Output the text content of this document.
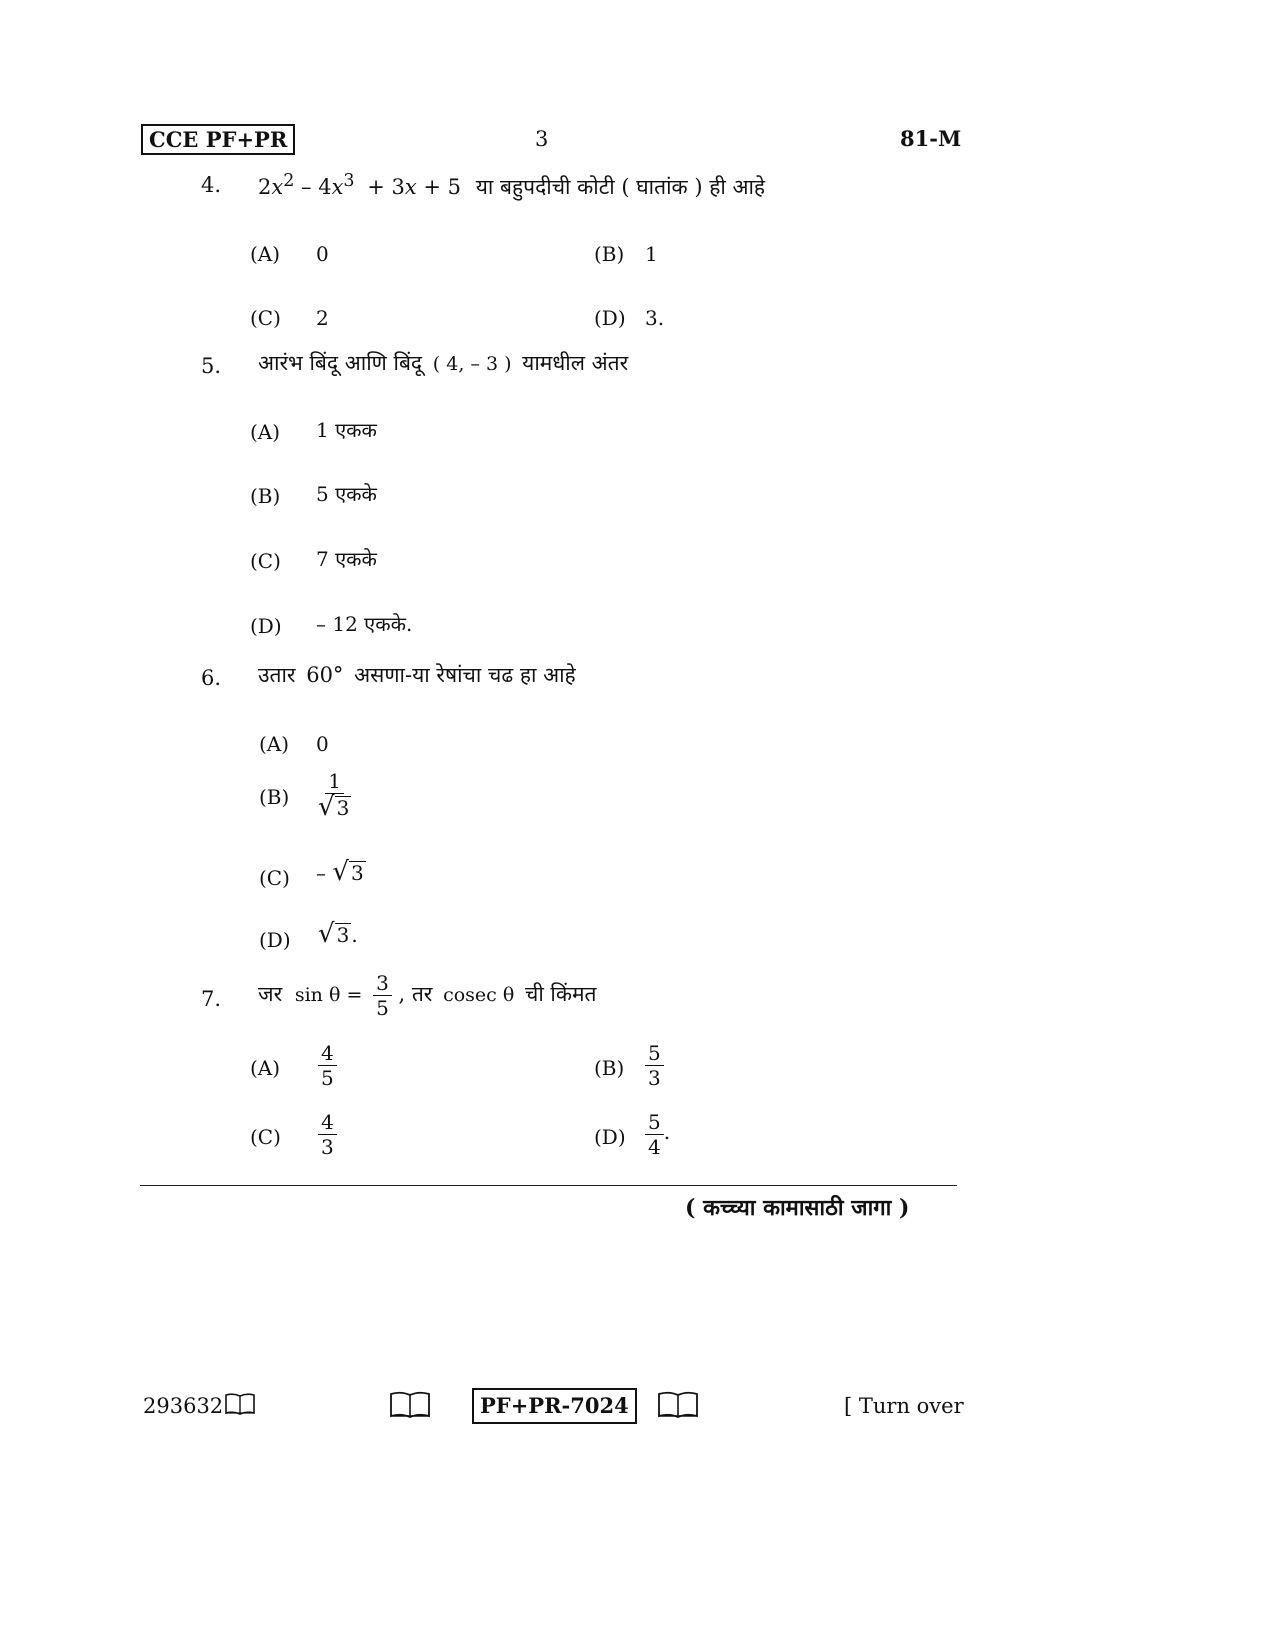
CCE PF+PR	3	81-M
4. $2x^2 - 4x^3 + 3x + 5$ या बहुपदीची कोटी ( घातांक ) ही आहे
(A) 0	(B) 1
(C) 2	(D) 3.
5. आरंभ बिंदू आणि बिंदू ( 4, – 3 ) यामधील अंतर
(A) 1 एकक
(B) 5 एकके
(C) 7 एकके
(D) – 12 एकके.
6. उतार 60° असणा-या रेषांचा चढ हा आहे
(A) 0
$(B) \frac{1}{√ 3}$
(C) – √ 3
(D) √ 3 .
7. जर $\sin \theta = \frac{3}{5}$ , तर cosec θ ची किंमत
$(A) \frac{4}{5}$	$(B) \frac{5}{3}$
$(C) \frac{4}{3}$	$(D) \frac{5}{4}$ .
( कच्च्या कामासाठी जागा )
293632	PF+PR-7024	[ Turn over
